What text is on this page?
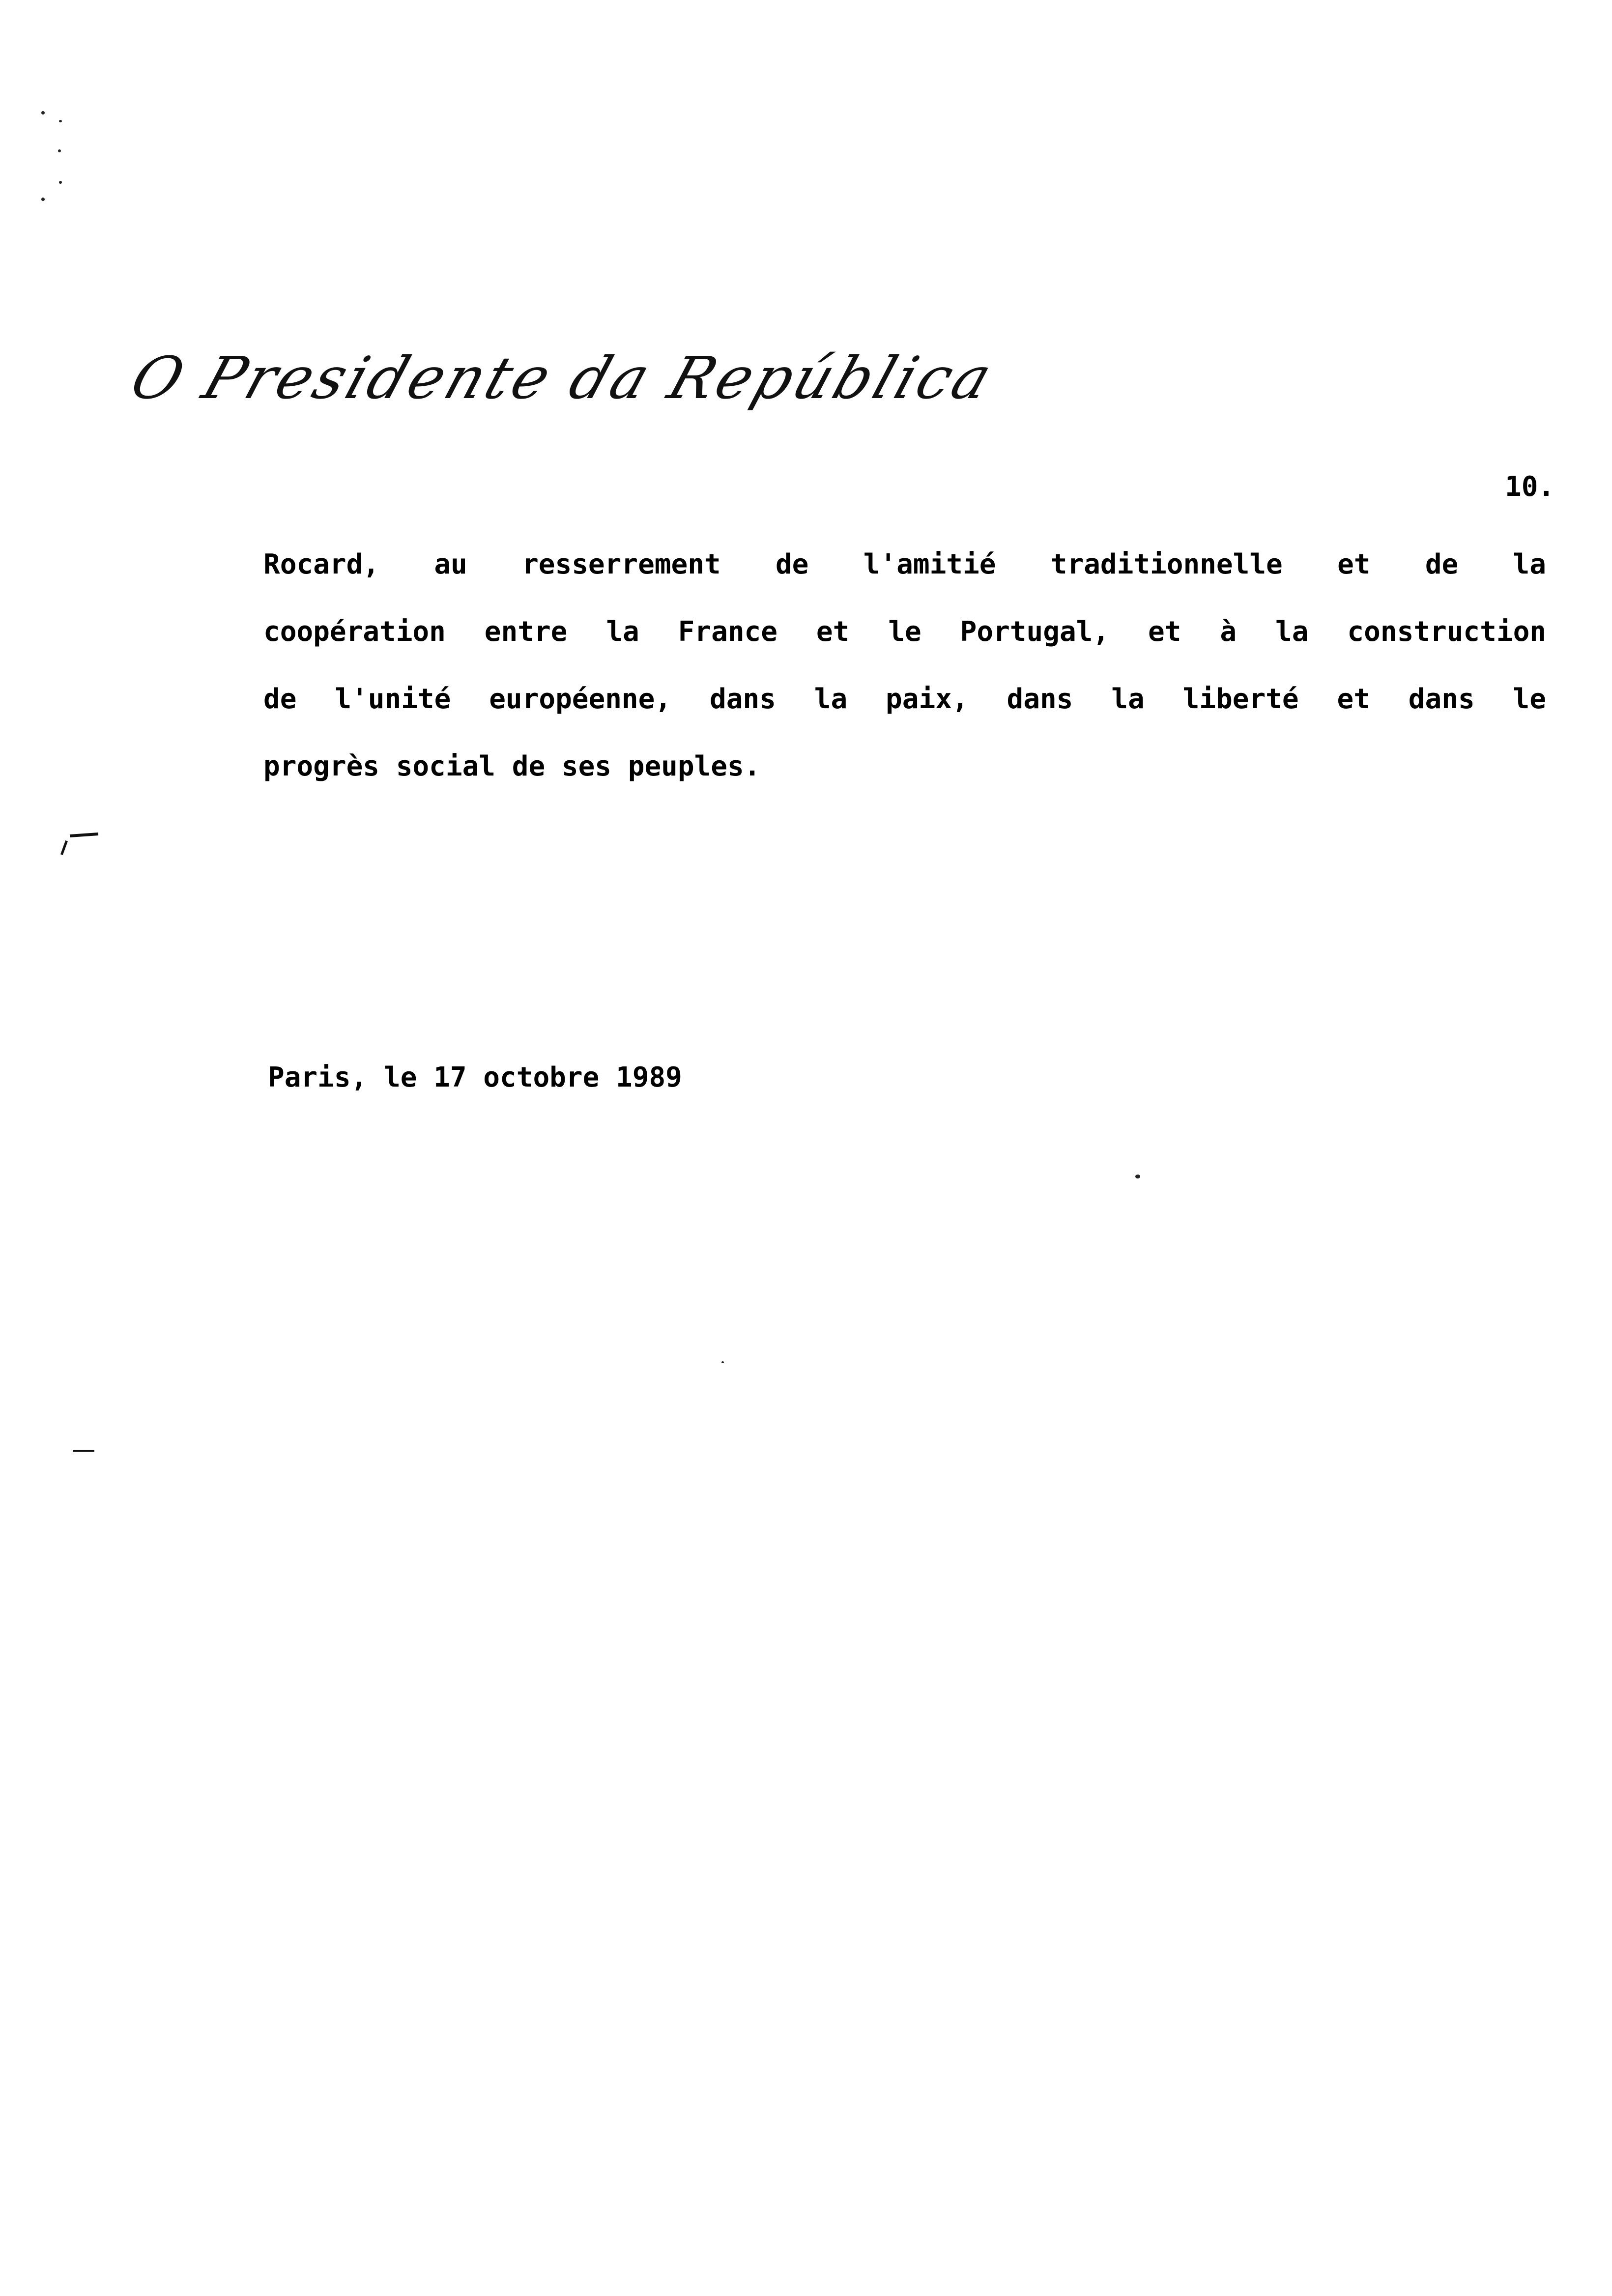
O Presidente da República
10.
Rocard, au resserrement de l'amitié traditionnelle et de la
coopération entre la France et le Portugal, et à la construction
de l'unité européenne, dans la paix, dans la liberté et dans le
progrès social de ses peuples.
Paris, le 17 octobre 1989
